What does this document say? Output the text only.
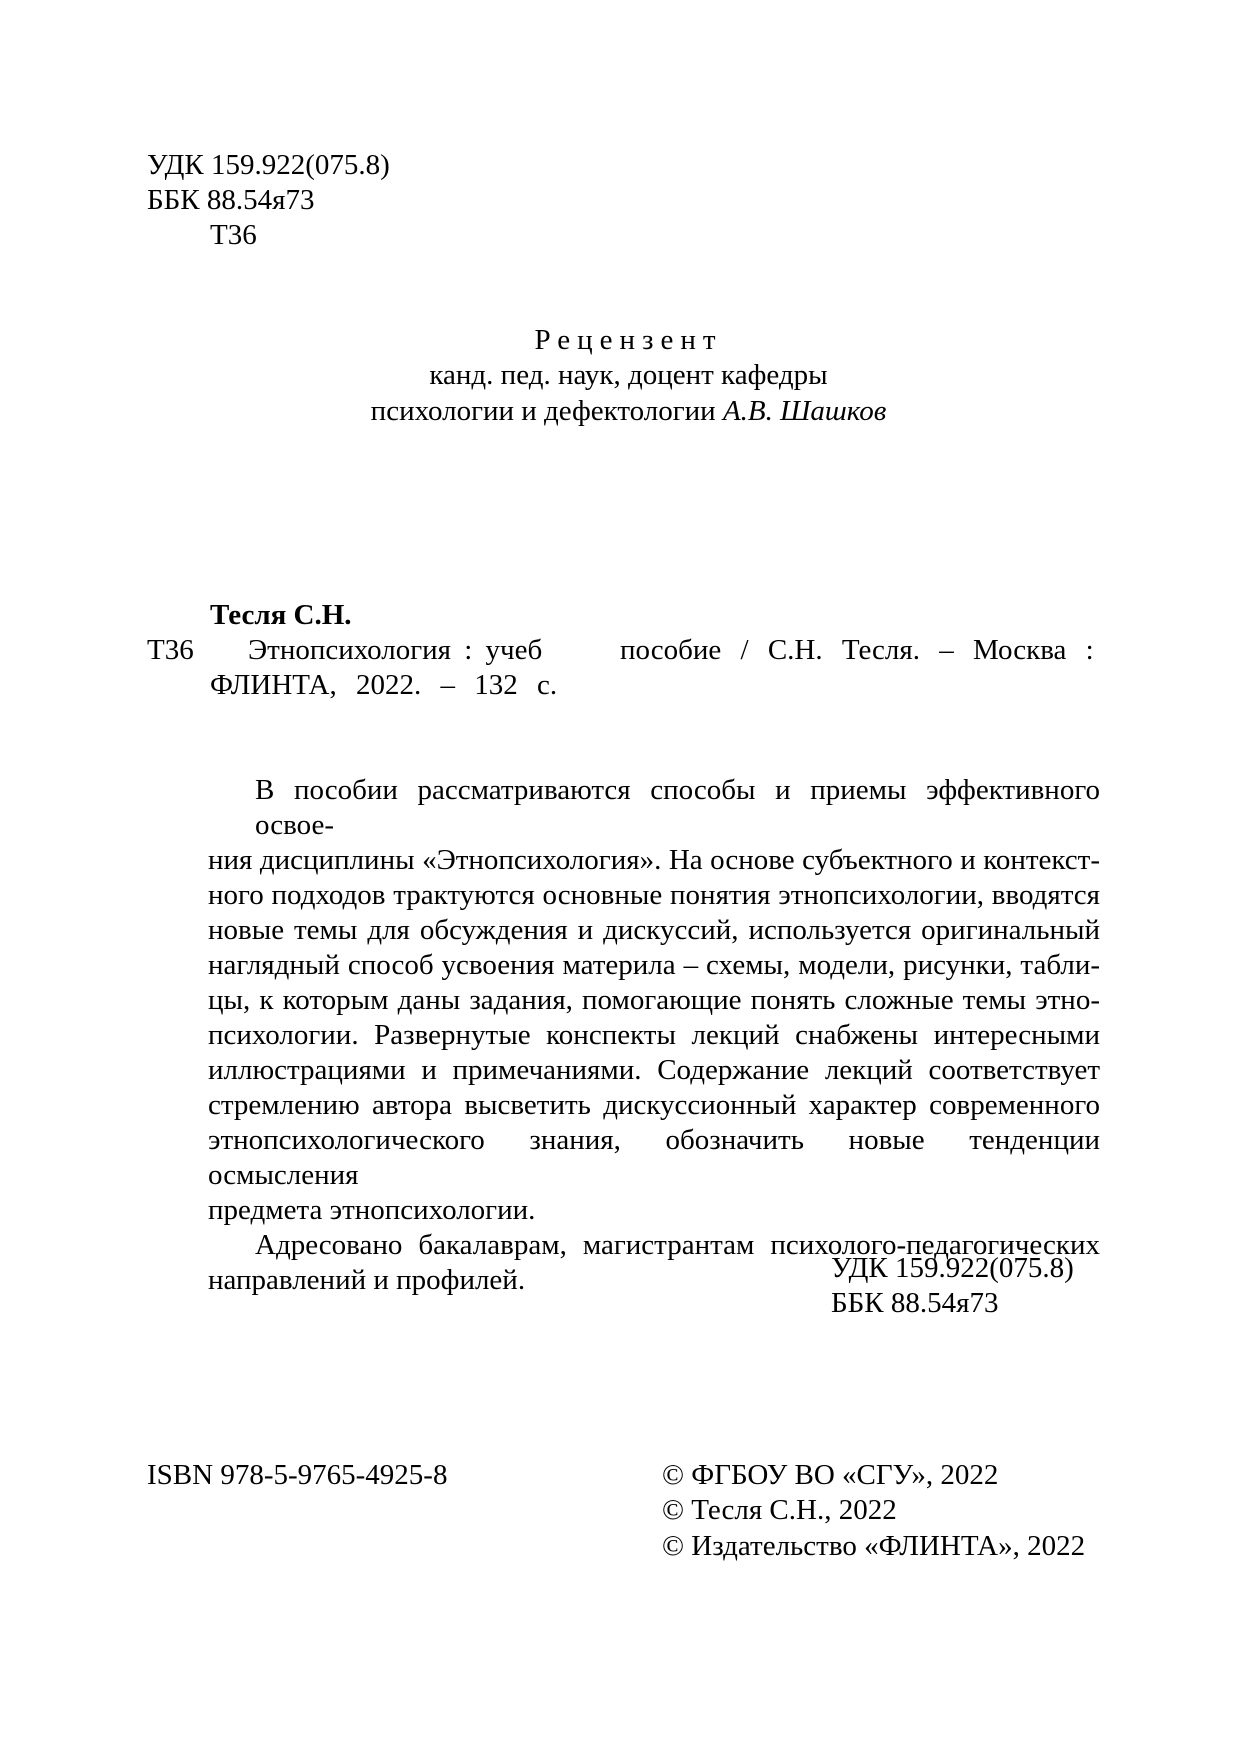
УДК 159.922(075.8)
ББК 88.54я73
Т36
Рецензент
канд. пед. наук, доцент кафедры
психологии и дефектологии А.В. Шашков
Тесля С.Н.
Т36 Этнопсихология : учеб	пособие / С.Н. Тесля. – Москва :
ФЛИНТА, 2022. – 132 с.

В пособии рассматриваются способы и приемы эффективного освое-
ния дисциплины «Этнопсихология». На основе субъектного и контекст-
ного подходов трактуются основные понятия этнопсихологии, вводятся
новые темы для обсуждения и дискуссий, используется оригинальный
наглядный способ усвоения материла – схемы, модели, рисунки, табли-
цы, к которым даны задания, помогающие понять сложные темы этно-
психологии. Развернутые конспекты лекций снабжены интересными
иллюстрациями и примечаниями. Содержание лекций соответствует
стремлению автора высветить дискуссионный характер современного
этнопсихологического знания, обозначить новые тенденции осмысления
предмета этнопсихологии.

Адресовано бакалаврам, магистрантам психолого-педагогических
направлений и профилей.	УДК 159.922(075.8)
ББК 88.54я73
ISBN 978-5-9765-4925-8	© ФГБОУ ВО «СГУ», 2022
© Тесля С.Н., 2022
© Издательство «ФЛИНТА», 2022
